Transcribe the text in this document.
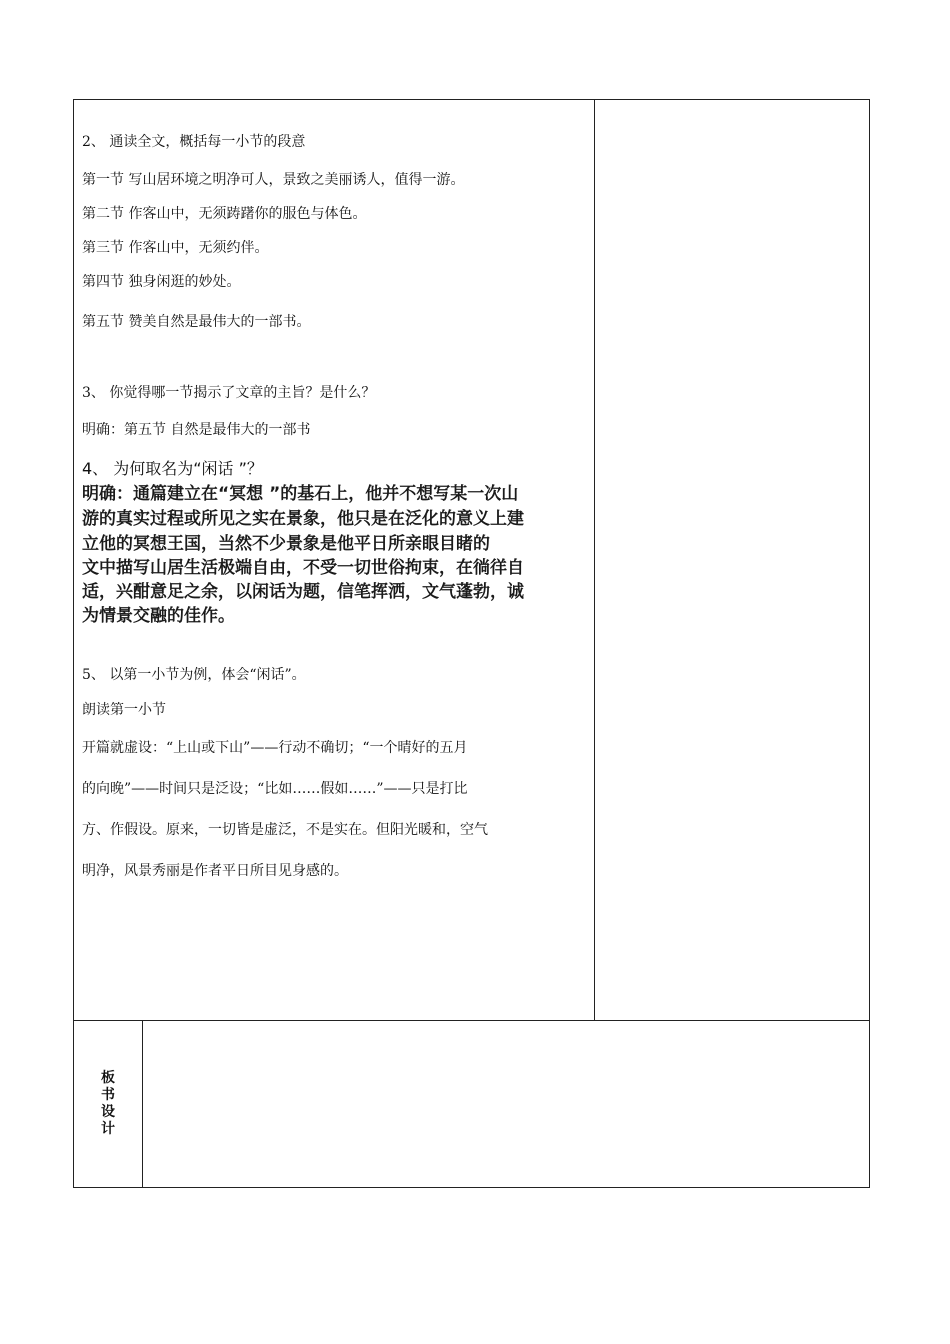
2、 通读全文，概括每一小节的段意
第一节 写山居环境之明净可人，景致之美丽诱人，值得一游。
第二节 作客山中，无须踌躇你的服色与体色。
第三节 作客山中，无须约伴。
第四节 独身闲逛的妙处。
第五节 赞美自然是最伟大的一部书。
3、 你觉得哪一节揭示了文章的主旨？是什么？
明确：第五节 自然是最伟大的一部书
4、 为何取名为“闲话 ”？
明确：通篇建立在“冥想 ”的基石上，他并不想写某一次山
游的真实过程或所见之实在景象，他只是在泛化的意义上建
立他的冥想王国，当然不少景象是他平日所亲眼目睹的
文中描写山居生活极端自由，不受一切世俗拘束，在徜徉自
适，兴酣意足之余，以闲话为题，信笔挥洒，文气蓬勃，诚
为情景交融的佳作。
5、 以第一小节为例，体会“闲话”。
朗读第一小节
开篇就虚设：“上山或下山”——行动不确切；“一个晴好的五月
的向晚”——时间只是泛设；“比如……假如……”——只是打比
方、作假设。原来，一切皆是虚泛，不是实在。但阳光暖和，空气
明净，风景秀丽是作者平日所目见身感的。
板
书
设
计
